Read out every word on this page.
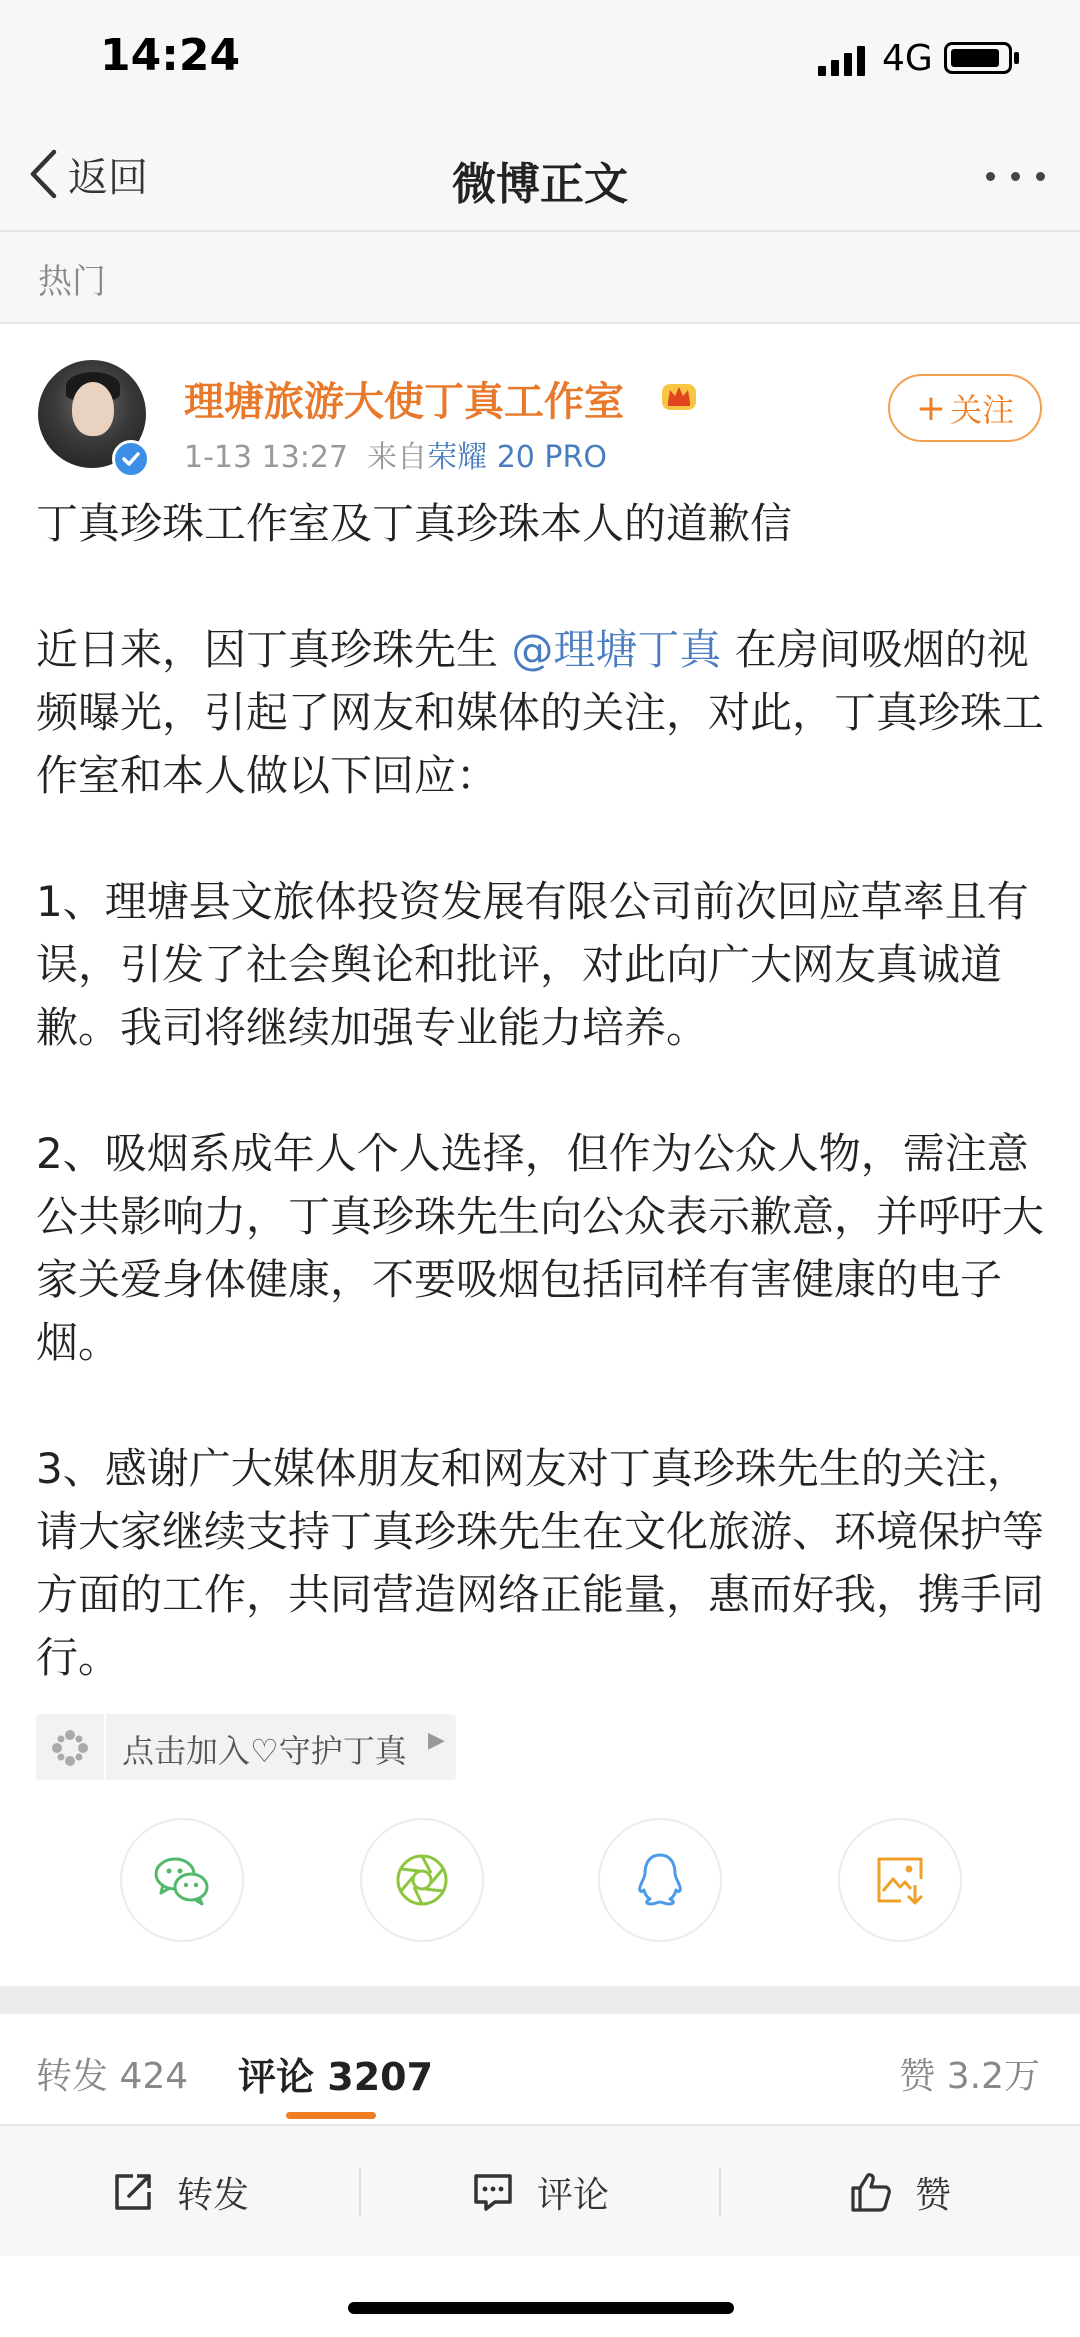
14:24	4G
返回	微博正文
热门
理塘旅游大使丁真工作室
1-13 13:27 来自荣耀 20 PRO
+ 关注

丁真珍珠工作室及丁真珍珠本人的道歉信

近日来，因丁真珍珠先生 @理塘丁真 在房间吸烟的视频曝光，引起了网友和媒体的关注，对此，丁真珍珠工作室和本人做以下回应：

1、理塘县文旅体投资发展有限公司前次回应草率且有误，引发了社会舆论和批评，对此向广大网友真诚道歉。我司将继续加强专业能力培养。

2、吸烟系成年人个人选择，但作为公众人物，需注意公共影响力，丁真珍珠先生向公众表示歉意，并呼吁大家关爱身体健康，不要吸烟包括同样有害健康的电子烟。

3、感谢广大媒体朋友和网友对丁真珍珠先生的关注，请大家继续支持丁真珍珠先生在文化旅游、环境保护等方面的工作，共同营造网络正能量，惠而好我，携手同行。

点击加入♡守护丁真 ▶
转发 424 评论 3207	赞 3.2万
转发	评论	赞
